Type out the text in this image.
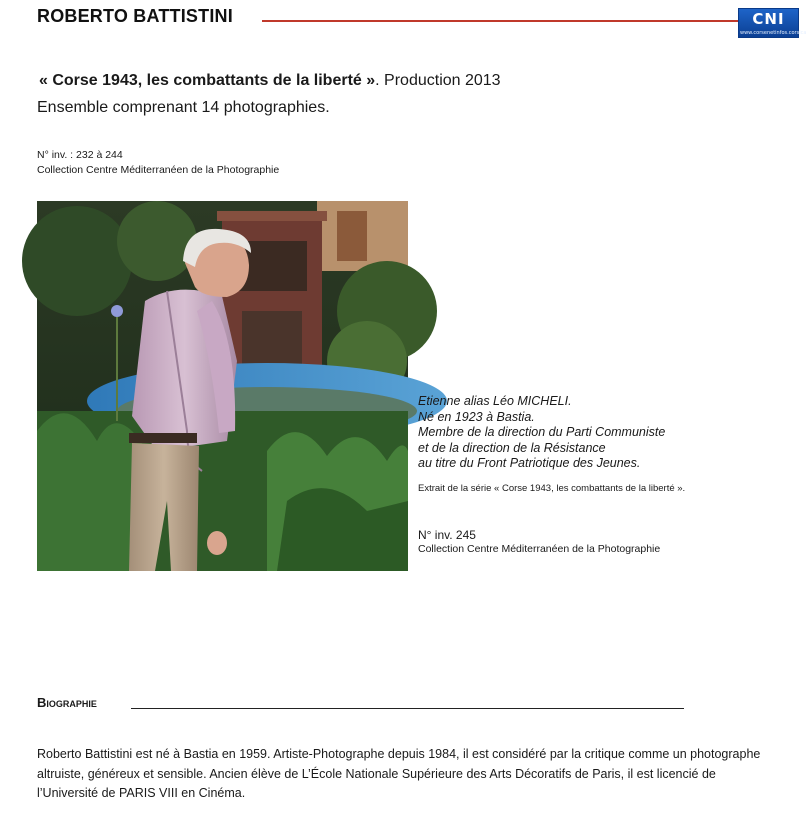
ROBERTO BATTISTINI	CNI
www.corsenetinfos.corsica
« Corse 1943, les combattants de la liberté ». Production 2013
Ensemble comprenant 14 photographies.
N° inv. : 232 à 244
Collection Centre Méditerranéen de la Photographie
Etienne alias Léo MICHELI.
Né en 1923 à Bastia.
Membre de la direction du Parti Communiste
et de la direction de la Résistance
au titre du Front Patriotique des Jeunes.
Extrait de la série « Corse 1943, les combattants de la liberté ».
N° inv. 245
Collection Centre Méditerranéen de la Photographie
Biographie
Roberto Battistini est né à Bastia en 1959. Artiste-Photographe depuis 1984, il est considéré par la critique comme un photographe altruiste, généreux et sensible. Ancien élève de L’École Nationale Supérieure des Arts Décoratifs de Paris, il est licencié de l’Université de PARIS VIII en Cinéma.
